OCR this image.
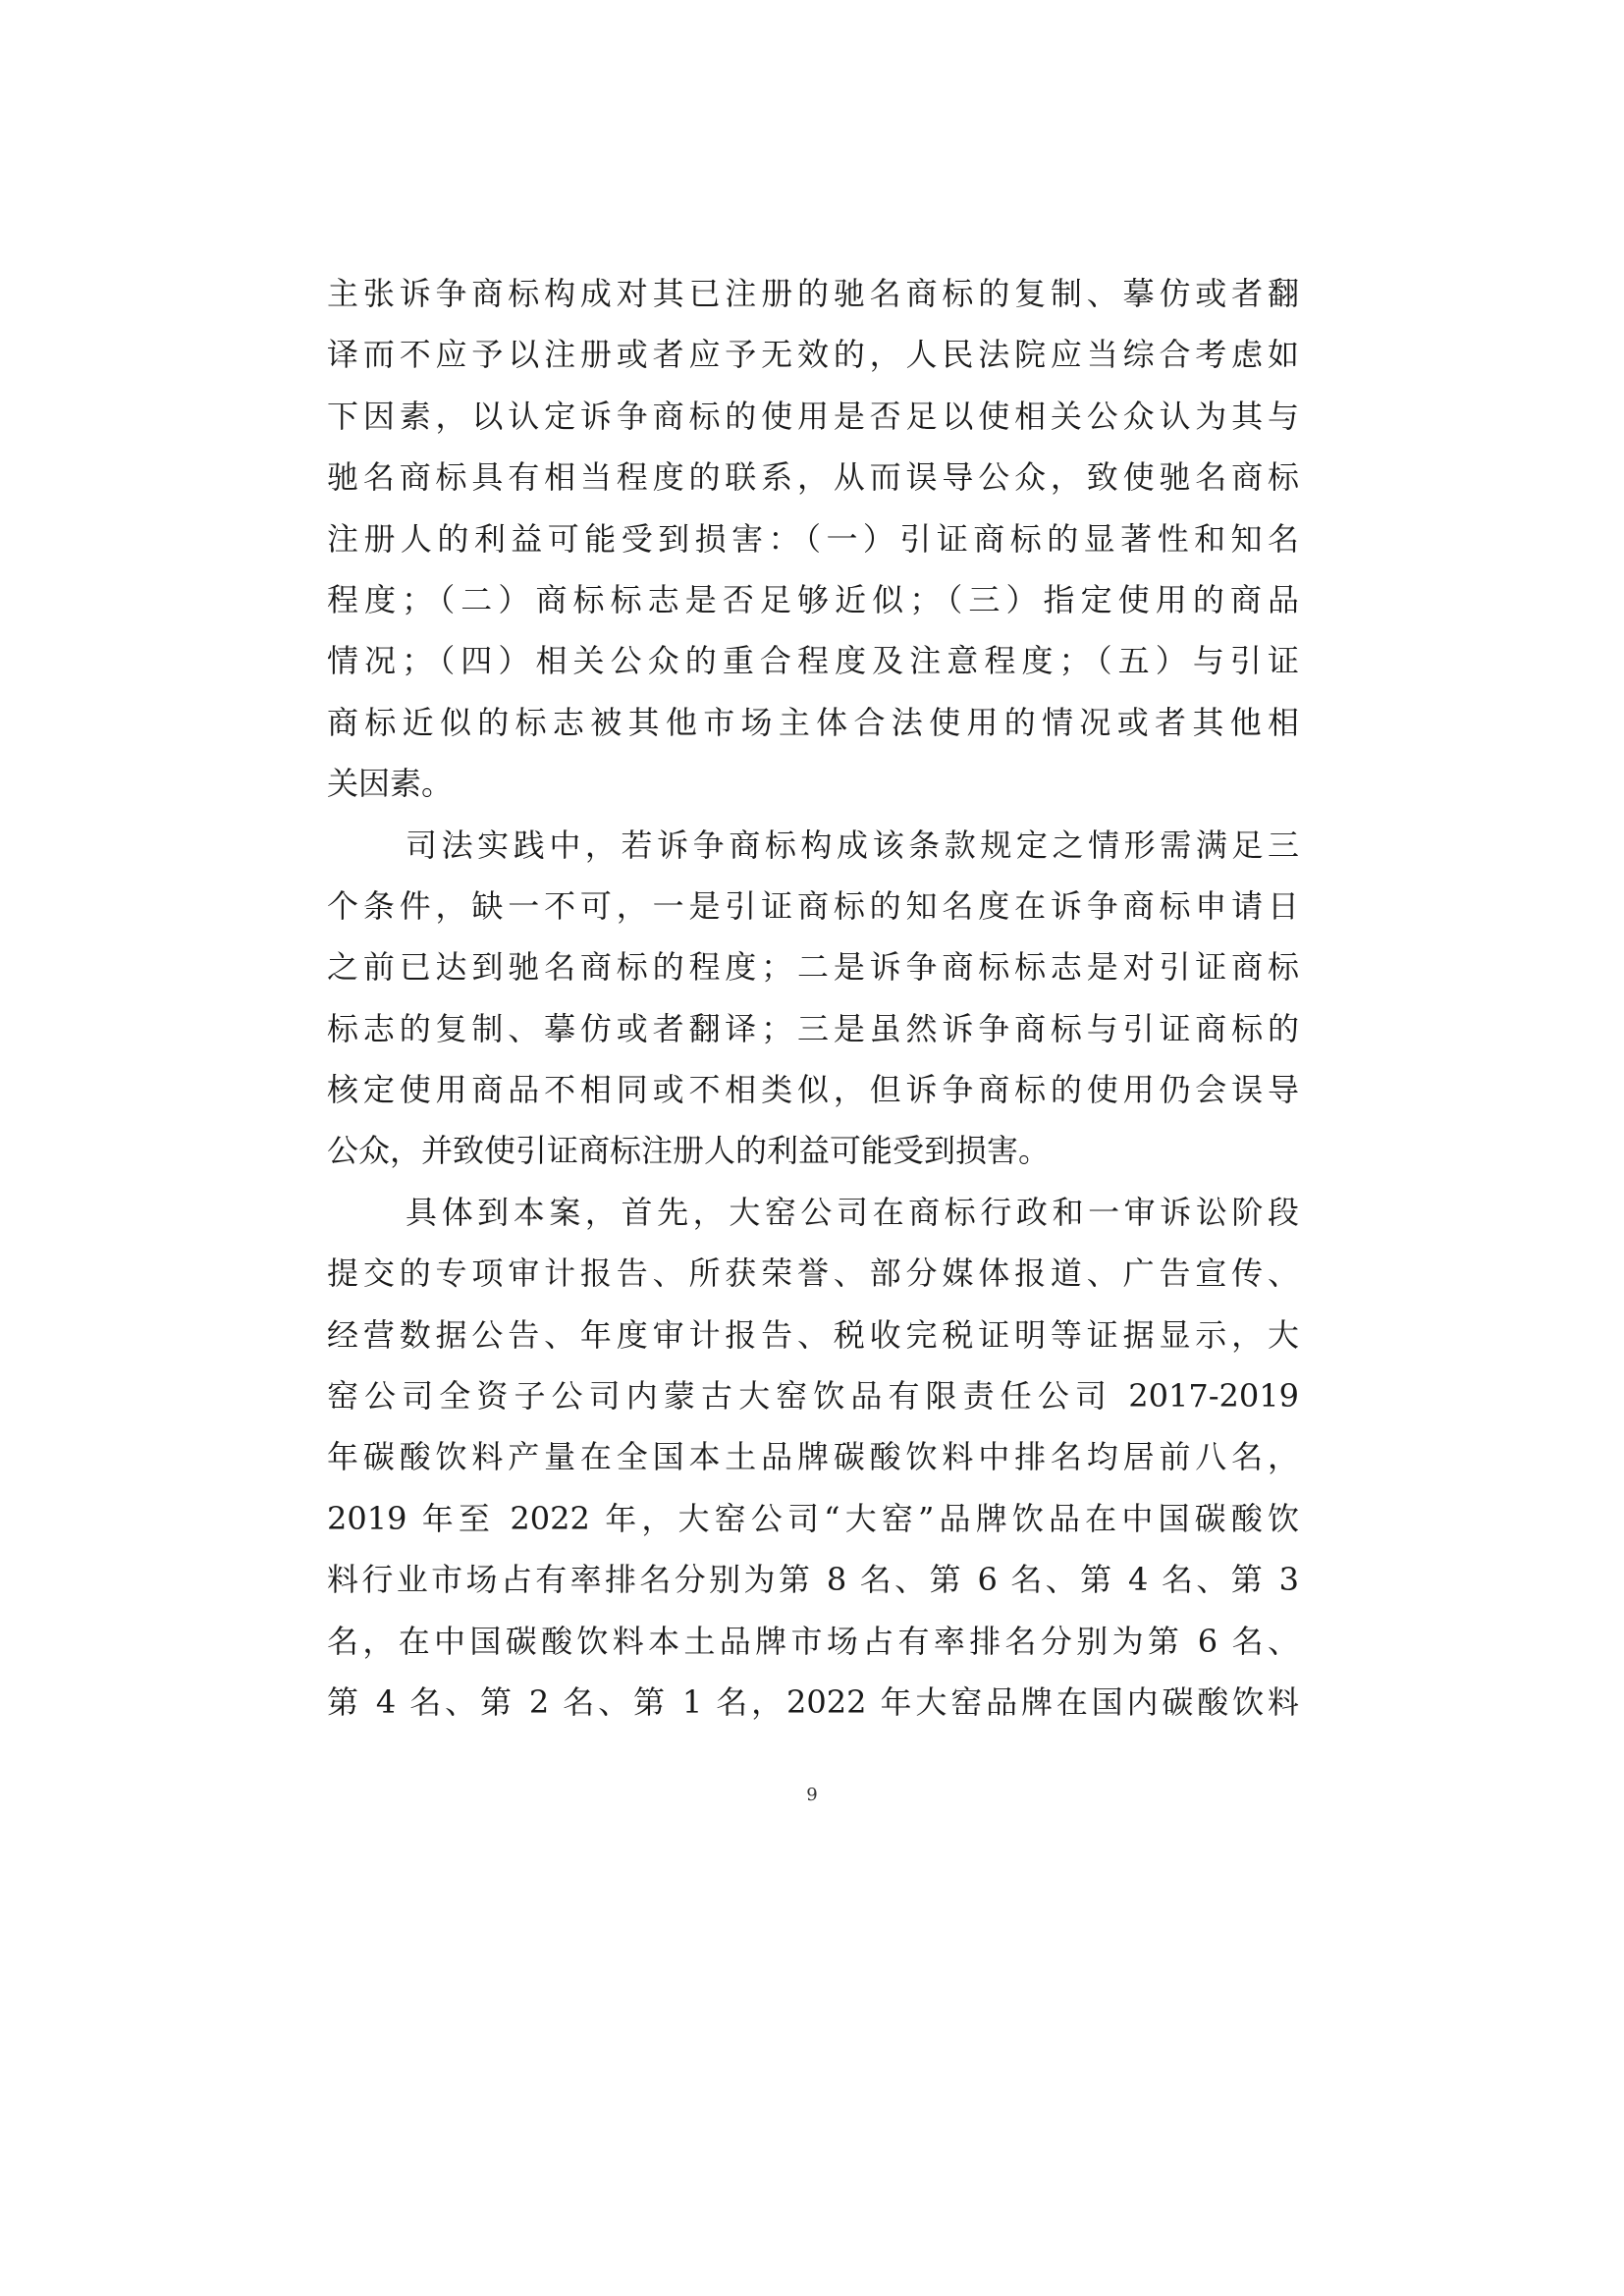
主张诉争商标构成对其已注册的驰名商标的复制、摹仿或者翻
译而不应予以注册或者应予无效的，人民法院应当综合考虑如
下因素，以认定诉争商标的使用是否足以使相关公众认为其与
驰名商标具有相当程度的联系，从而误导公众，致使驰名商标
注册人的利益可能受到损害：（一）引证商标的显著性和知名
程度；（二）商标标志是否足够近似；（三）指定使用的商品
情况；（四）相关公众的重合程度及注意程度；（五）与引证
商标近似的标志被其他市场主体合法使用的情况或者其他相
关因素。
司法实践中，若诉争商标构成该条款规定之情形需满足三
个条件，缺一不可，一是引证商标的知名度在诉争商标申请日
之前已达到驰名商标的程度；二是诉争商标标志是对引证商标
标志的复制、摹仿或者翻译；三是虽然诉争商标与引证商标的
核定使用商品不相同或不相类似，但诉争商标的使用仍会误导
公众，并致使引证商标注册人的利益可能受到损害。
具体到本案，首先，大窑公司在商标行政和一审诉讼阶段
提交的专项审计报告、所获荣誉、部分媒体报道、广告宣传、
经营数据公告、年度审计报告、税收完税证明等证据显示，大
窑公司全资子公司内蒙古大窑饮品有限责任公司 2017-2019
年碳酸饮料产量在全国本土品牌碳酸饮料中排名均居前八名，
2019 年至 2022 年，大窑公司“大窑”品牌饮品在中国碳酸饮
料行业市场占有率排名分别为第 8 名、第 6 名、第 4 名、第 3
名，在中国碳酸饮料本土品牌市场占有率排名分别为第 6 名、
第 4 名、第 2 名、第 1 名，2022 年大窑品牌在国内碳酸饮料
9
